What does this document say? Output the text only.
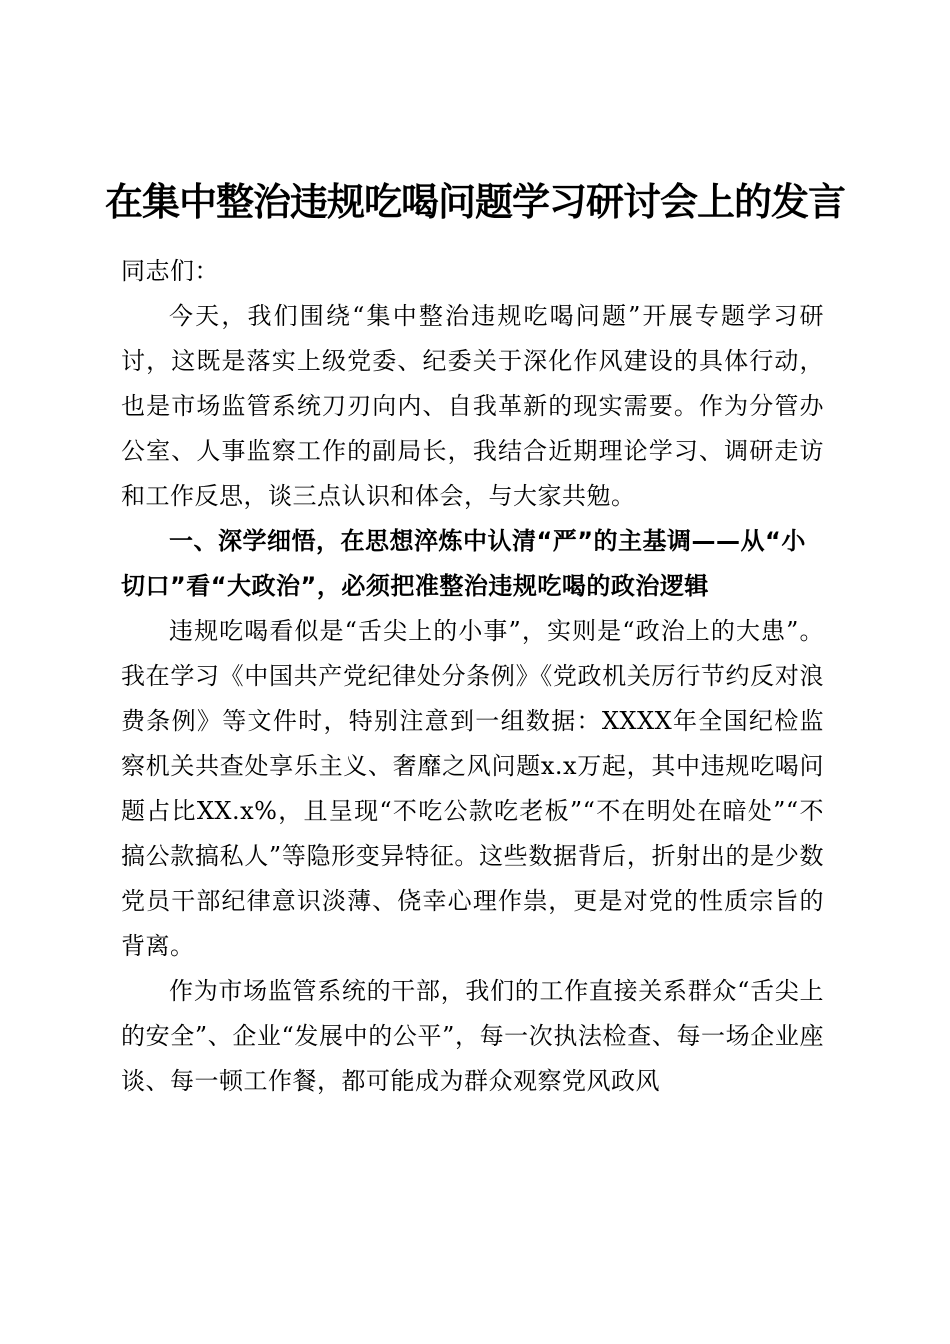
在集中整治违规吃喝问题学习研讨会上的发言

同志们：

今天，我们围绕“集中整治违规吃喝问题”开展专题学习研讨，这既是落实上级党委、纪委关于深化作风建设的具体行动，也是市场监管系统刀刃向内、自我革新的现实需要。作为分管办公室、人事监察工作的副局长，我结合近期理论学习、调研走访和工作反思，谈三点认识和体会，与大家共勉。

一、深学细悟，在思想淬炼中认清“严”的主基调——从“小切口”看“大政治”，必须把准整治违规吃喝的政治逻辑

违规吃喝看似是“舌尖上的小事”，实则是“政治上的大患”。我在学习《中国共产党纪律处分条例》《党政机关厉行节约反对浪费条例》等文件时，特别注意到一组数据：XXXX年全国纪检监察机关共查处享乐主义、奢靡之风问题x.x万起，其中违规吃喝问题占比XX.x%，且呈现“不吃公款吃老板”“不在明处在暗处”“不搞公款搞私人”等隐形变异特征。这些数据背后，折射出的是少数党员干部纪律意识淡薄、侥幸心理作祟，更是对党的性质宗旨的背离。

作为市场监管系统的干部，我们的工作直接关系群众“舌尖上的安全”、企业“发展中的公平”，每一次执法检查、每一场企业座谈、每一顿工作餐，都可能成为群众观察党风政风
